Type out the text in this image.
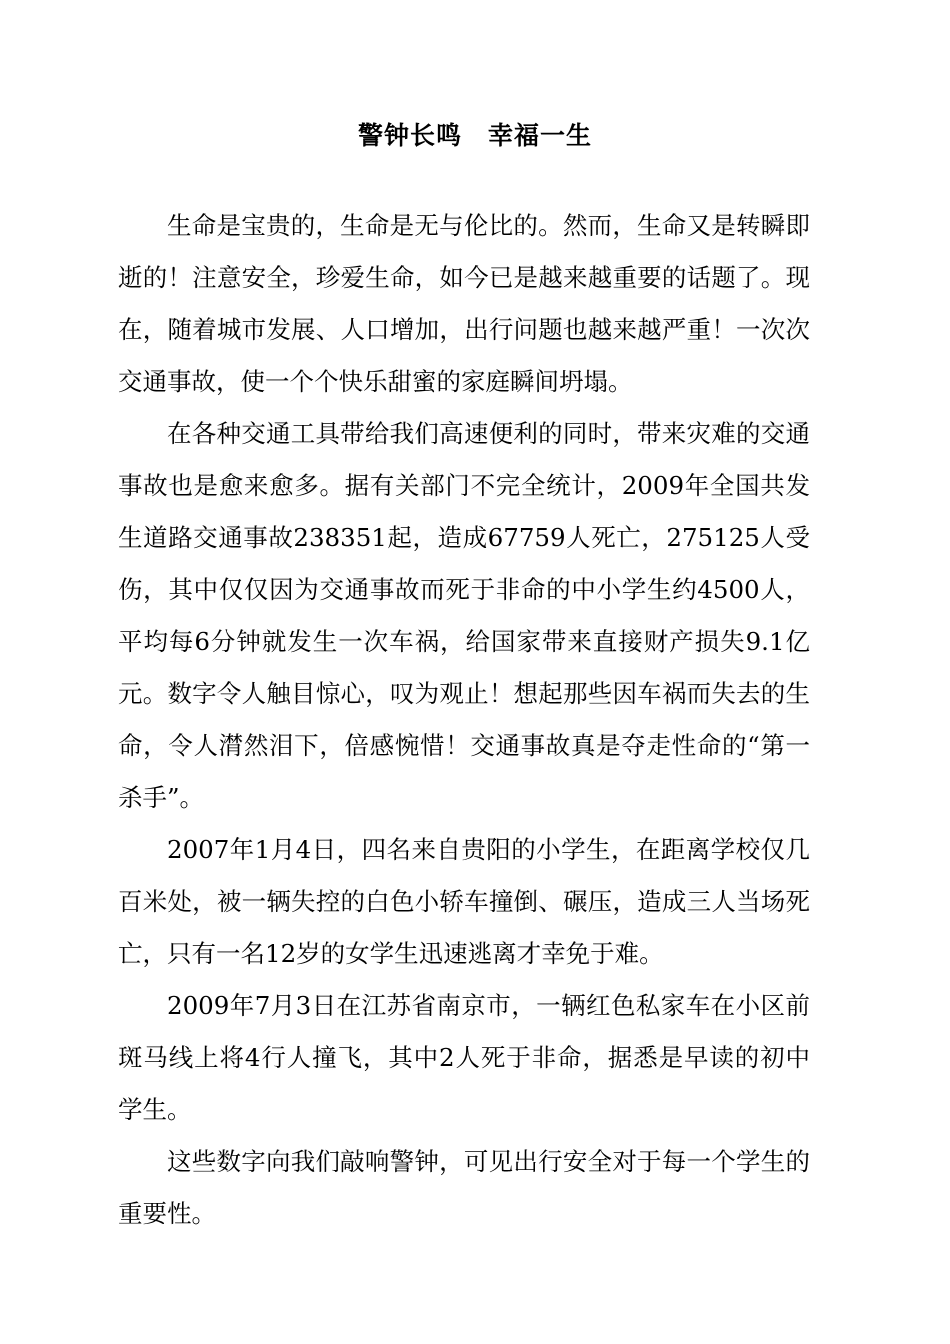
警钟长鸣　幸福一生

生命是宝贵的，生命是无与伦比的。然而，生命又是转瞬即逝的！注意安全，珍爱生命，如今已是越来越重要的话题了。现在，随着城市发展、人口增加，出行问题也越来越严重！一次次交通事故，使一个个快乐甜蜜的家庭瞬间坍塌。

在各种交通工具带给我们高速便利的同时，带来灾难的交通事故也是愈来愈多。据有关部门不完全统计，2009年全国共发生道路交通事故238351起，造成67759人死亡，275125人受伤，其中仅仅因为交通事故而死于非命的中小学生约4500人，平均每6分钟就发生一次车祸，给国家带来直接财产损失9.1亿元。数字令人触目惊心，叹为观止！想起那些因车祸而失去的生命，令人潸然泪下，倍感惋惜！交通事故真是夺走性命的“第一杀手”。

2007年1月4日，四名来自贵阳的小学生，在距离学校仅几百米处，被一辆失控的白色小轿车撞倒、碾压，造成三人当场死亡，只有一名12岁的女学生迅速逃离才幸免于难。

2009年7月3日在江苏省南京市，一辆红色私家车在小区前斑马线上将4行人撞飞，其中2人死于非命，据悉是早读的初中学生。

这些数字向我们敲响警钟，可见出行安全对于每一个学生的重要性。
